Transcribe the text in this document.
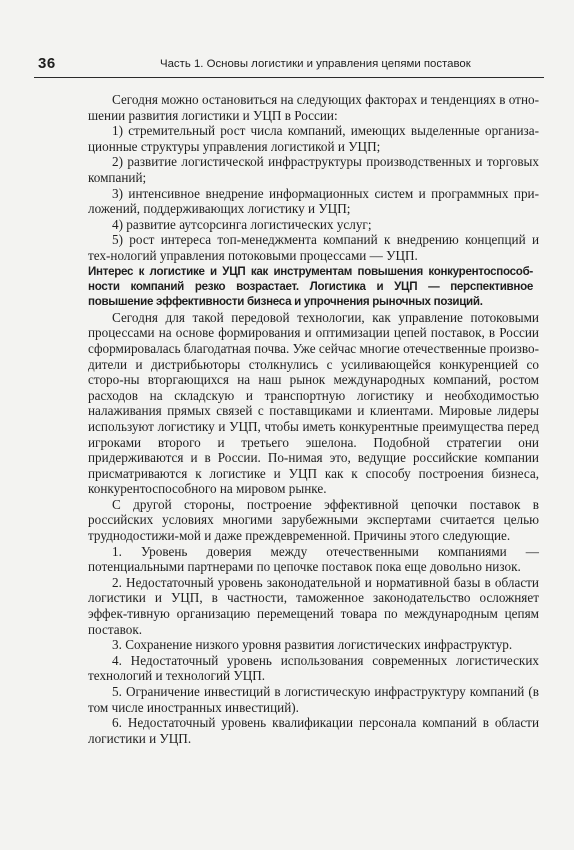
36	Часть 1. Основы логистики и управления цепями поставок

Сегодня можно остановиться на следующих факторах и тенденциях в отно-шении развития логистики и УЦП в России:

1) стремительный рост числа компаний, имеющих выделенные организа-ционные структуры управления логистикой и УЦП;

2) развитие логистической инфраструктуры производственных и торговых компаний;

3) интенсивное внедрение информационных систем и программных при-ложений, поддерживающих логистику и УЦП;

4) развитие аутсорсинга логистических услуг;

5) рост интереса топ-менеджмента компаний к внедрению концепций и тех-нологий управления потоковыми процессами — УЦП.

Интерес к логистике и УЦП как инструментам повышения конкурентоспособ-ности компаний резко возрастает. Логистика и УЦП — перспективное повышение эффективности бизнеса и упрочнения рыночных позиций.

Сегодня для такой передовой технологии, как управление потоковыми процессами на основе формирования и оптимизации цепей поставок, в России сформировалась благодатная почва. Уже сейчас многие отечественные произво-дители и дистрибьюторы столкнулись с усиливающейся конкуренцией со сторо-ны вторгающихся на наш рынок международных компаний, ростом расходов на складскую и транспортную логистику и необходимостью налаживания прямых связей с поставщиками и клиентами. Мировые лидеры используют логистику и УЦП, чтобы иметь конкурентные преимущества перед игроками второго и третьего эшелона. Подобной стратегии они придерживаются и в России. По-нимая это, ведущие российские компании присматриваются к логистике и УЦП как к способу построения бизнеса, конкурентоспособного на мировом рынке.

С другой стороны, построение эффективной цепочки поставок в российских условиях многими зарубежными экспертами считается целью труднодостижи-мой и даже преждевременной. Причины этого следующие.

1. Уровень доверия между отечественными компаниями — потенциальными партнерами по цепочке поставок пока еще довольно низок.

2. Недостаточный уровень законодательной и нормативной базы в области логистики и УЦП, в частности, таможенное законодательство осложняет эффек-тивную организацию перемещений товара по международным цепям поставок.

3. Сохранение низкого уровня развития логистических инфраструктур.

4. Недостаточный уровень использования современных логистических технологий и технологий УЦП.

5. Ограничение инвестиций в логистическую инфраструктуру компаний (в том числе иностранных инвестиций).

6. Недостаточный уровень квалификации персонала компаний в области логистики и УЦП.
